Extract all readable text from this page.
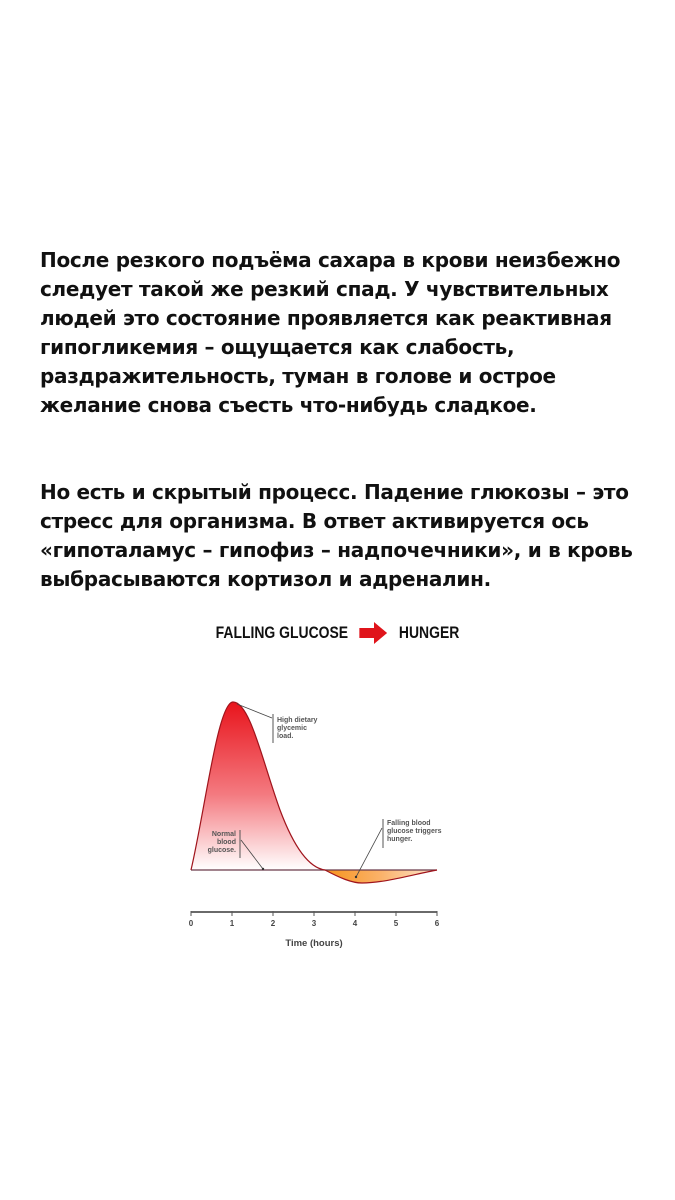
После резкого подъёма сахара в крови неизбежно следует такой же резкий спад. У чувствительных людей это состояние проявляется как реактивная гипогликемия – ощущается как слабость, раздражительность, туман в голове и острое желание снова съесть что-нибудь сладкое.

Но есть и скрытый процесс. Падение глюкозы – это стресс для организма. В ответ активируется ось «гипоталамус – гипофиз – надпочечники», и в кровь выбрасываются кортизол и адреналин.

FALLING GLUCOSE	HUNGER
High dietary glycemic load.
Normal blood glucose.
Falling blood glucose triggers hunger.
0	1	2	3	4	5	6
Time (hours)
